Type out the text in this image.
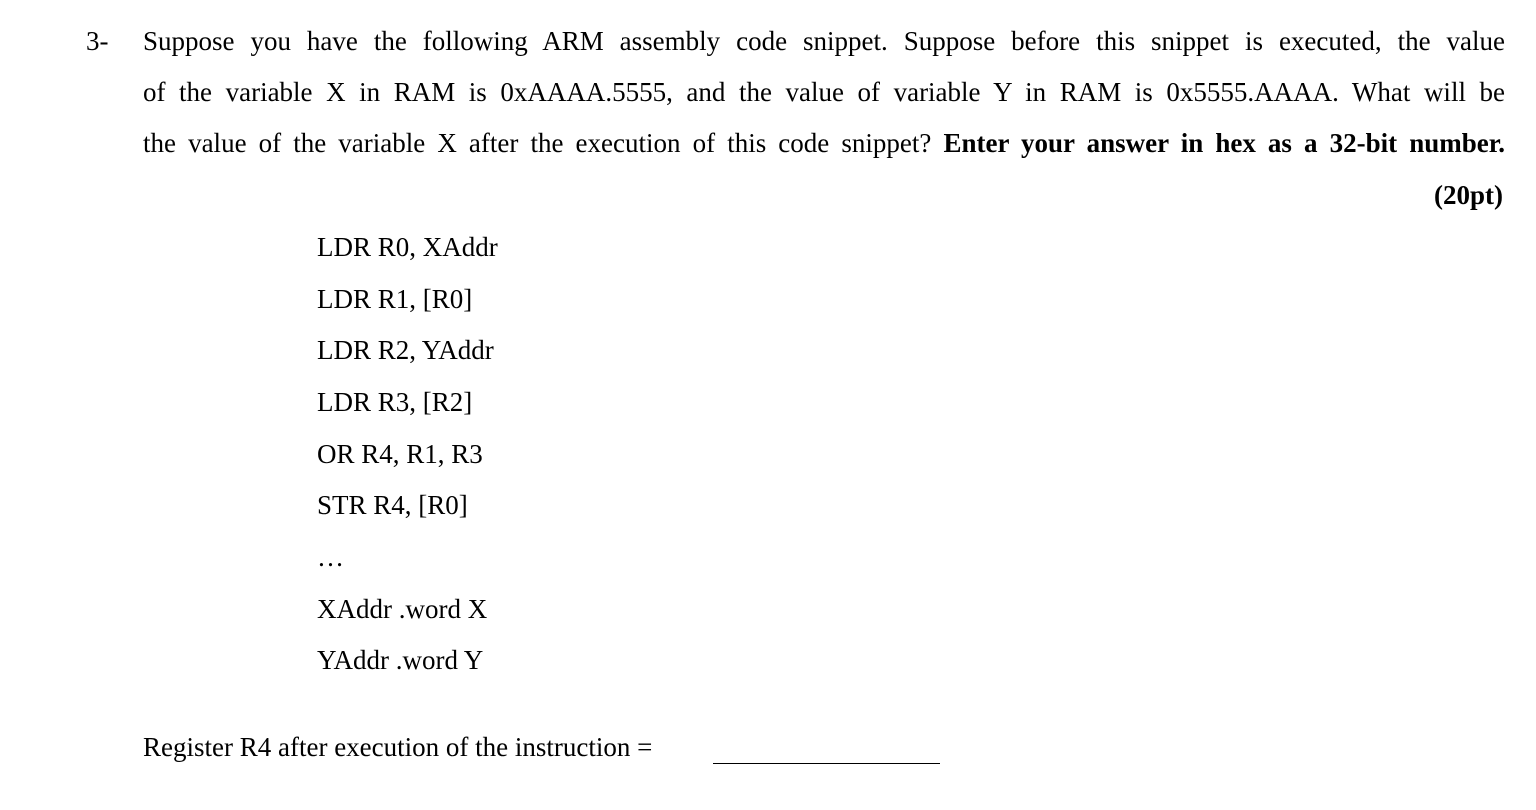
3- Suppose you have the following ARM assembly code snippet. Suppose before this snippet is executed, the value
of the variable X in RAM is 0xAAAA.5555, and the value of variable Y in RAM is 0x5555.AAAA. What will be
the value of the variable X after the execution of this code snippet? Enter your answer in hex as a 32-bit number.
(20pt)
LDR R0, XAddr
LDR R1, [R0]
LDR R2, YAddr
LDR R3, [R2]
OR R4, R1, R3
STR R4, [R0]
…
XAddr .word X
YAddr .word Y
Register R4 after execution of the instruction =
